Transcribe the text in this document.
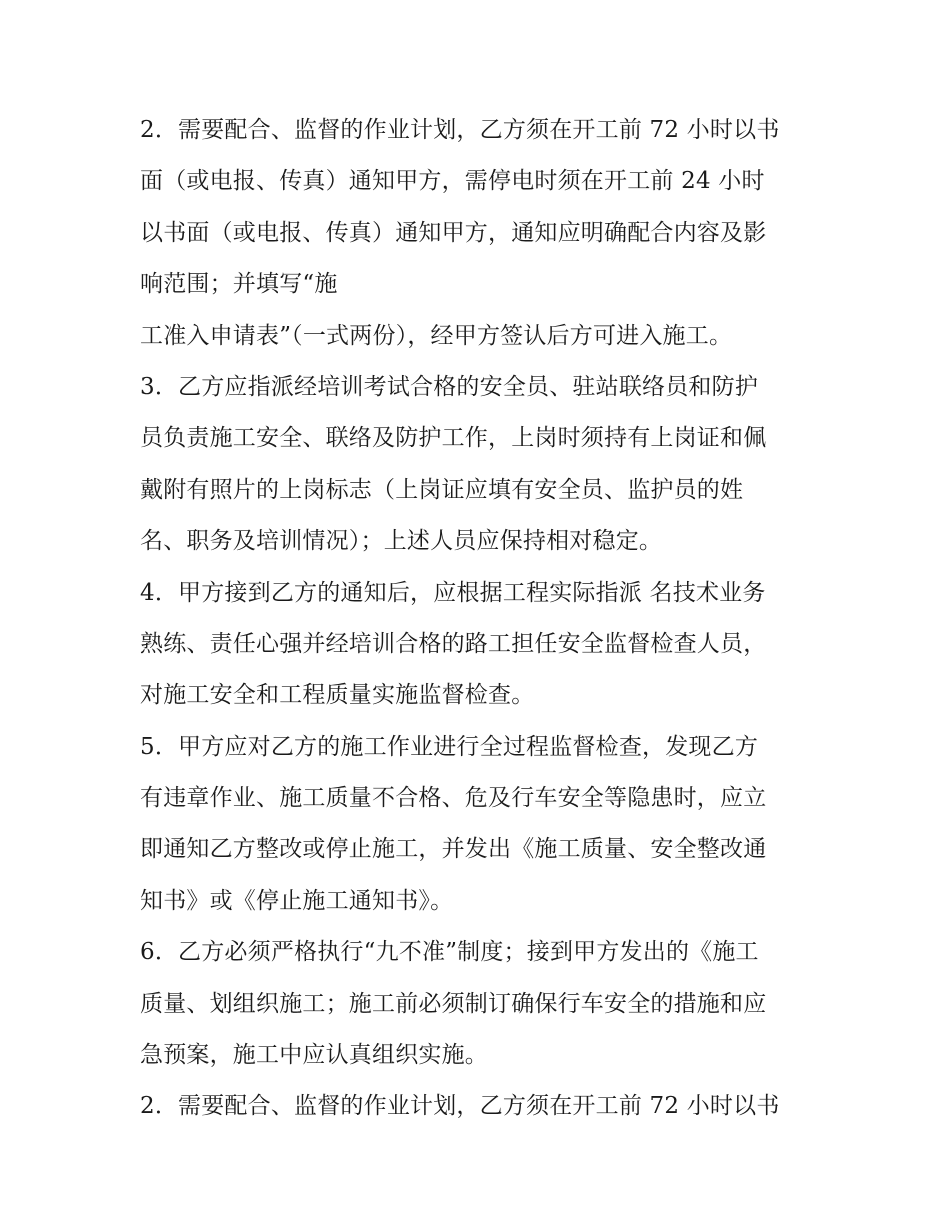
2．需要配合、监督的作业计划，乙方须在开工前 72 小时以书
面（或电报、传真）通知甲方，需停电时须在开工前 24 小时
以书面（或电报、传真）通知甲方，通知应明确配合内容及影
响范围；并填写“施
工准入申请表”（一式两份），经甲方签认后方可进入施工。
3．乙方应指派经培训考试合格的安全员、驻站联络员和防护
员负责施工安全、联络及防护工作，上岗时须持有上岗证和佩
戴附有照片的上岗标志（上岗证应填有安全员、监护员的姓
名、职务及培训情况）；上述人员应保持相对稳定。
4．甲方接到乙方的通知后，应根据工程实际指派 名技术业务
熟练、责任心强并经培训合格的路工担任安全监督检查人员，
对施工安全和工程质量实施监督检查。
5．甲方应对乙方的施工作业进行全过程监督检查，发现乙方
有违章作业、施工质量不合格、危及行车安全等隐患时，应立
即通知乙方整改或停止施工，并发出《施工质量、安全整改通
知书》或《停止施工通知书》。
6．乙方必须严格执行“九不准”制度；接到甲方发出的《施工
质量、划组织施工；施工前必须制订确保行车安全的措施和应
急预案，施工中应认真组织实施。
2．需要配合、监督的作业计划，乙方须在开工前 72 小时以书
